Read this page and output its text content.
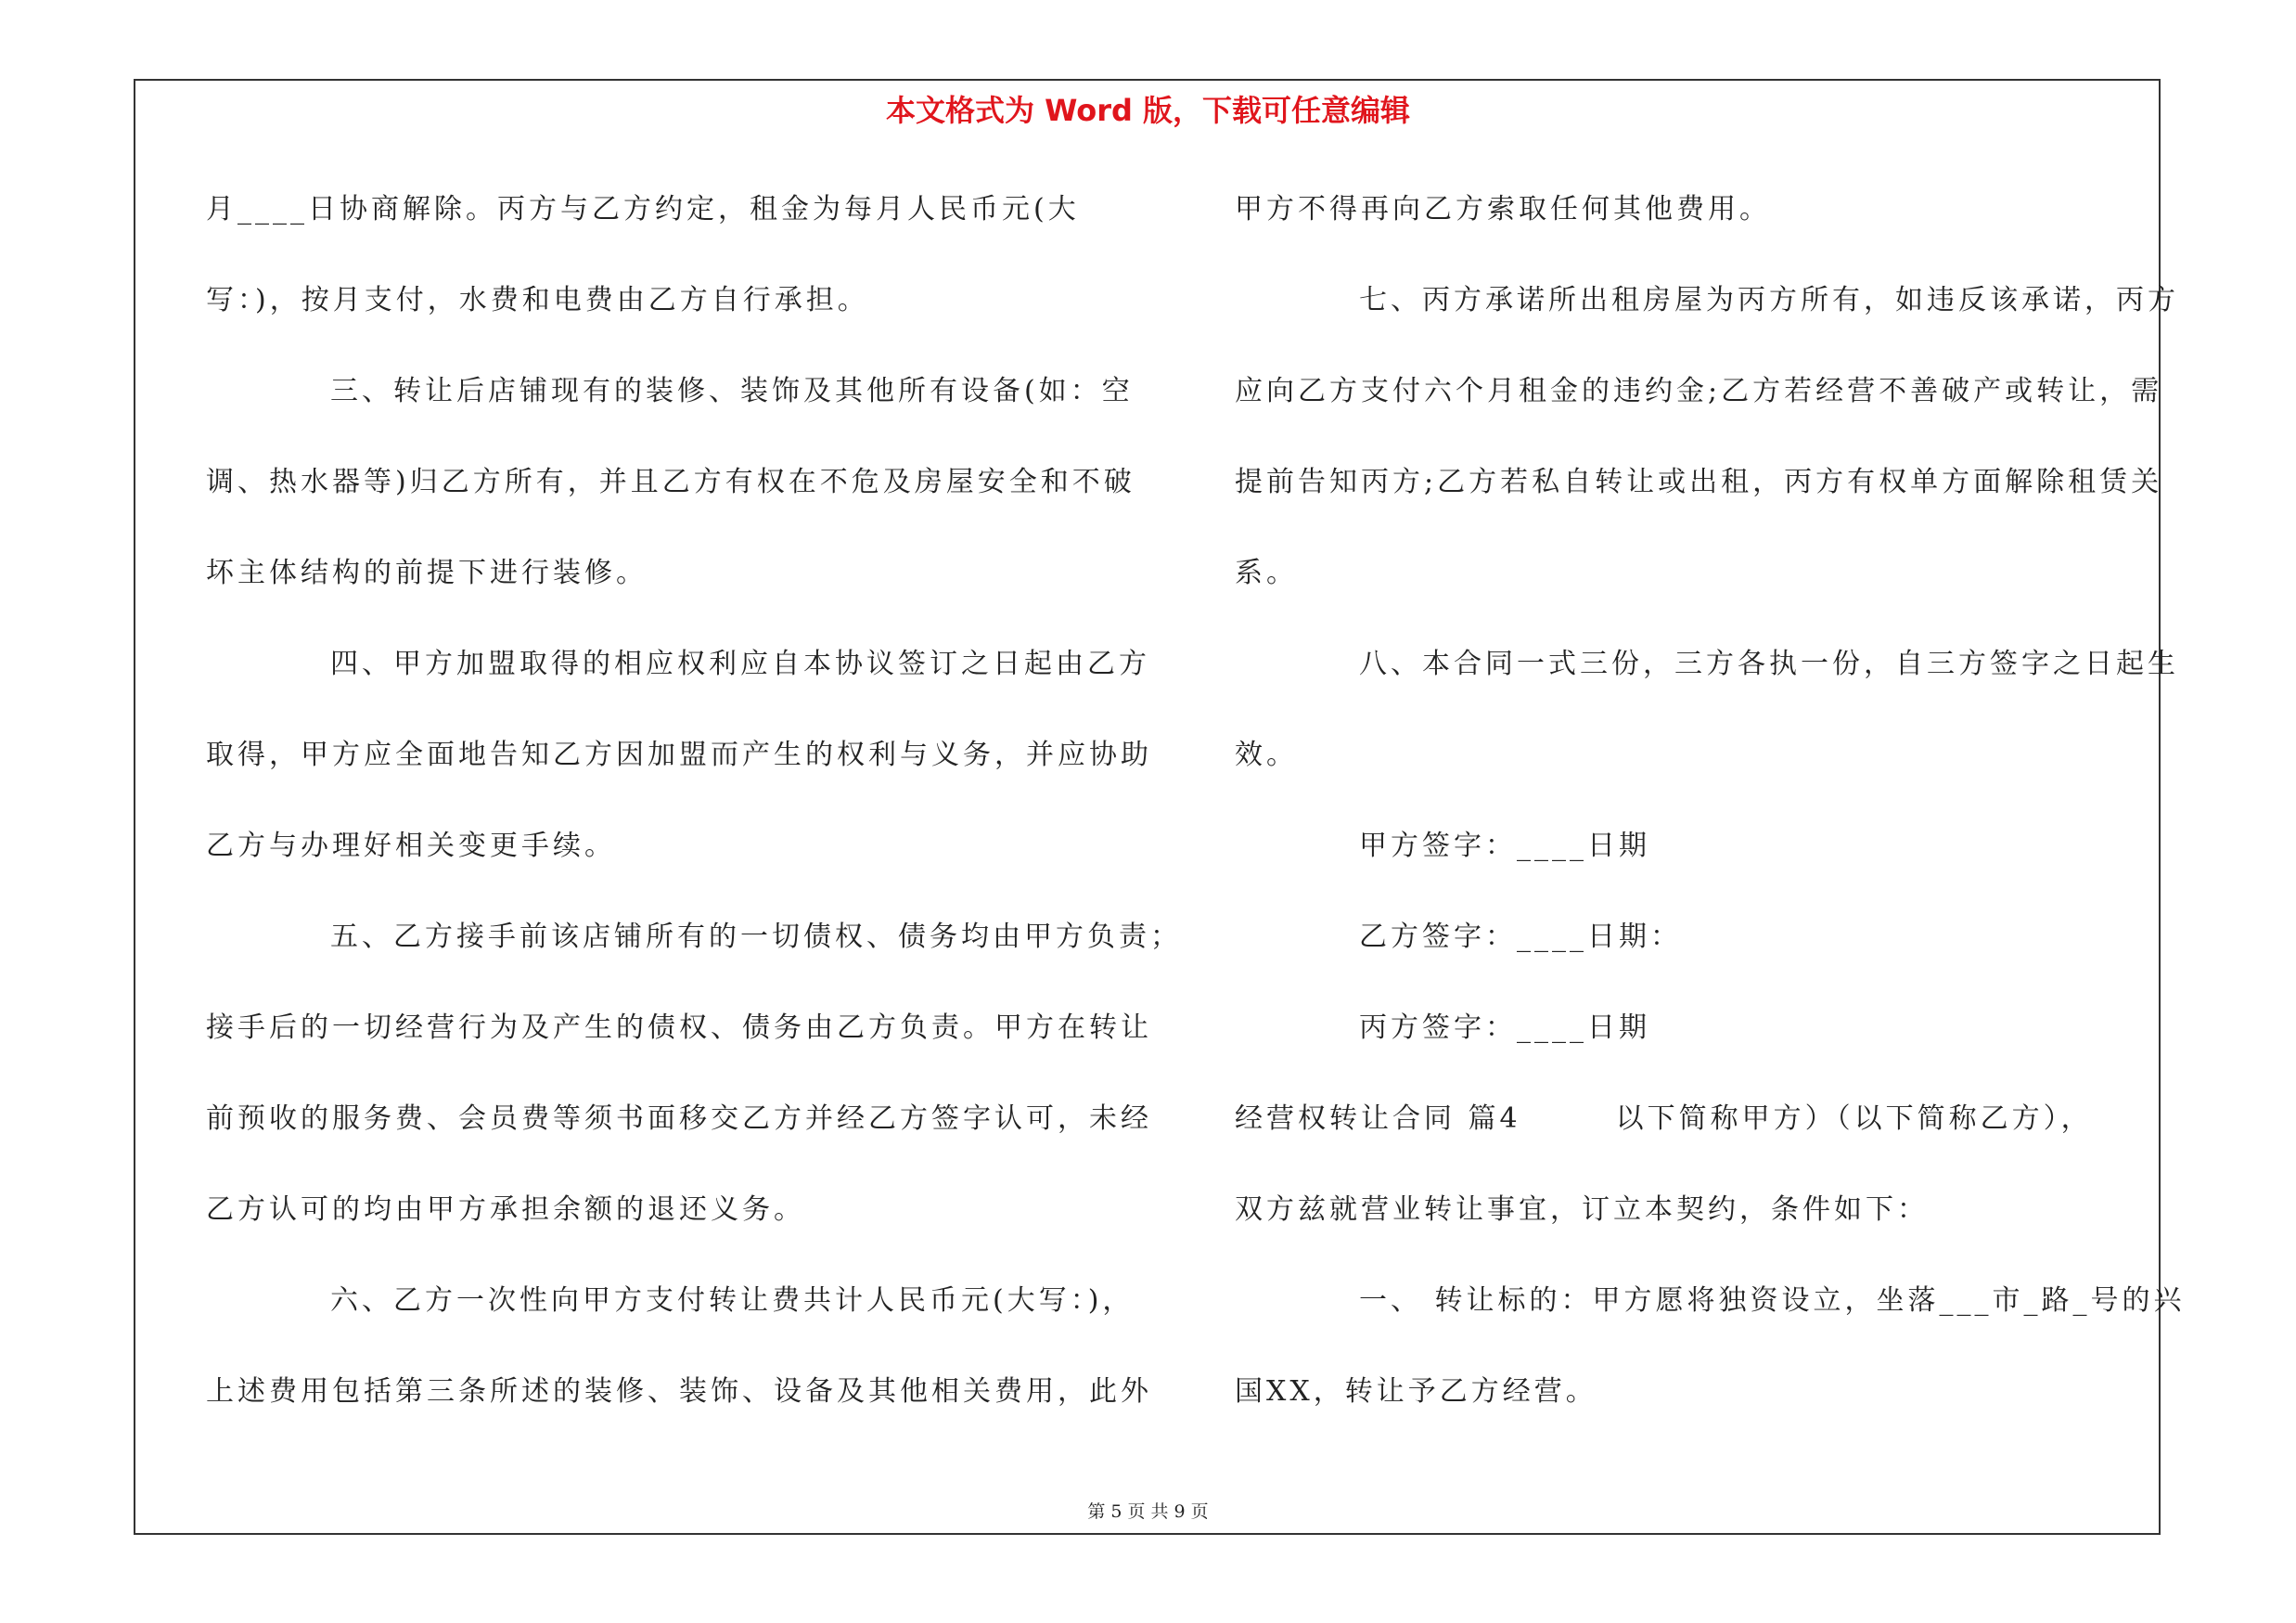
本文格式为 Word 版，下载可任意编辑
月____日协商解除。丙方与乙方约定，租金为每月人民币元(大
写：)，按月支付，水费和电费由乙方自行承担。
三、转让后店铺现有的装修、装饰及其他所有设备(如：空
调、热水器等)归乙方所有，并且乙方有权在不危及房屋安全和不破
坏主体结构的前提下进行装修。
四、甲方加盟取得的相应权利应自本协议签订之日起由乙方
取得，甲方应全面地告知乙方因加盟而产生的权利与义务，并应协助
乙方与办理好相关变更手续。
五、乙方接手前该店铺所有的一切债权、债务均由甲方负责；
接手后的一切经营行为及产生的债权、债务由乙方负责。甲方在转让
前预收的服务费、会员费等须书面移交乙方并经乙方签字认可，未经
乙方认可的均由甲方承担余额的退还义务。
六、乙方一次性向甲方支付转让费共计人民币元(大写：)，
上述费用包括第三条所述的装修、装饰、设备及其他相关费用，此外
甲方不得再向乙方索取任何其他费用。
七、丙方承诺所出租房屋为丙方所有，如违反该承诺，丙方
应向乙方支付六个月租金的违约金;乙方若经营不善破产或转让，需
提前告知丙方;乙方若私自转让或出租，丙方有权单方面解除租赁关
系。
八、本合同一式三份，三方各执一份，自三方签字之日起生
效。
甲方签字：____日期
乙方签字：____日期：
丙方签字：____日期
经营权转让合同 篇4　　　以下简称甲方）（以下简称乙方），
双方兹就营业转让事宜，订立本契约，条件如下：
一、 转让标的：甲方愿将独资设立，坐落___市_路_号的兴
国XX，转让予乙方经营。
第 5 页 共 9 页
